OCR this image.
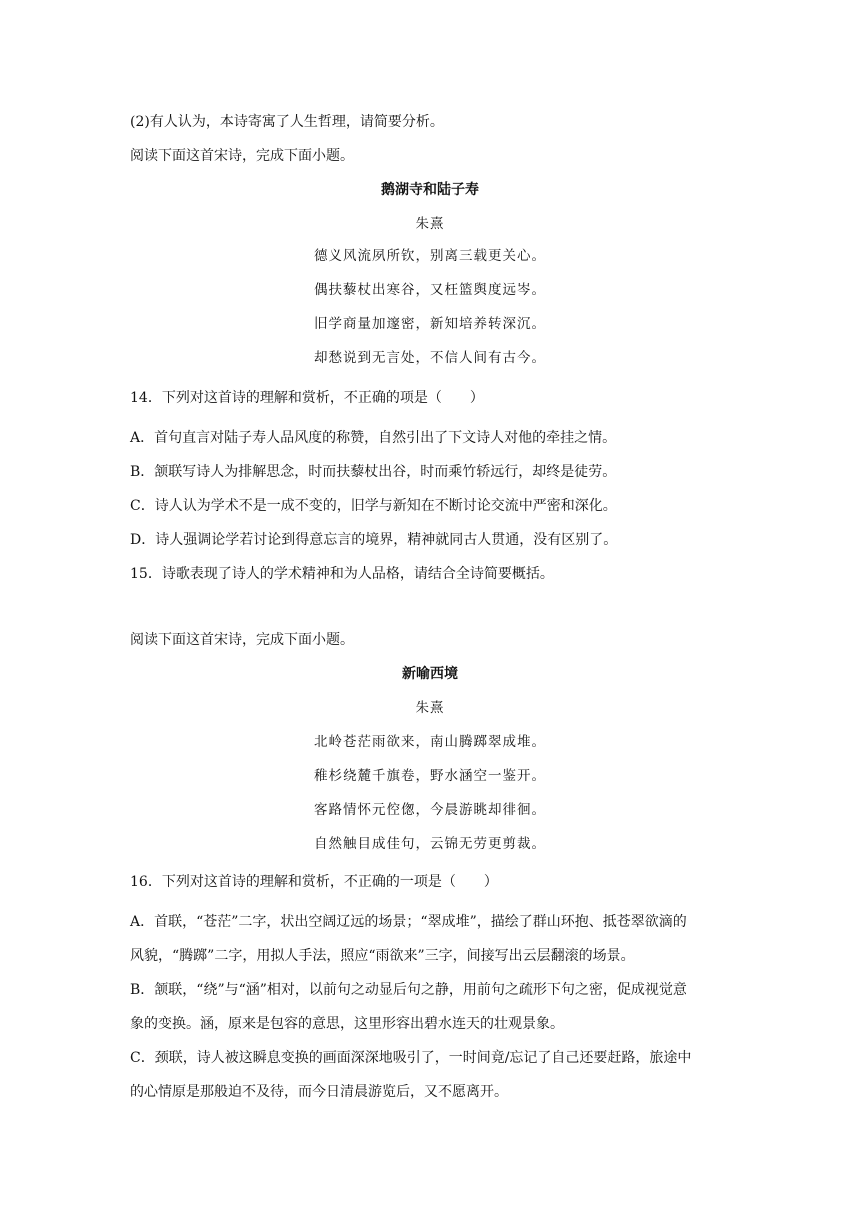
(2)有人认为，本诗寄寓了人生哲理，请简要分析。
阅读下面这首宋诗，完成下面小题。
鹅湖寺和陆子寿
朱熹
德义风流夙所钦，别离三载更关心。
偶扶藜杖出寒谷，又枉篮舆度远岑。
旧学商量加邃密，新知培养转深沉。
却愁说到无言处，不信人间有古今。
14．下列对这首诗的理解和赏析，不正确的项是（　　）
A．首句直言对陆子寿人品风度的称赞，自然引出了下文诗人对他的牵挂之情。
B．颔联写诗人为排解思念，时而扶藜杖出谷，时而乘竹轿远行，却终是徒劳。
C．诗人认为学术不是一成不变的，旧学与新知在不断讨论交流中严密和深化。
D．诗人强调论学若讨论到得意忘言的境界，精神就同古人贯通，没有区别了。
15．诗歌表现了诗人的学术精神和为人品格，请结合全诗简要概括。
阅读下面这首宋诗，完成下面小题。
新喻西境
朱熹
北岭苍茫雨欲来，南山腾踯翠成堆。
稚杉绕麓千旗卷，野水涵空一鉴开。
客路情怀元倥偬，今晨游眺却徘徊。
自然触目成佳句，云锦无劳更剪裁。
16．下列对这首诗的理解和赏析，不正确的一项是（　　）
A．首联，“苍茫”二字，状出空阔辽远的场景；“翠成堆”，描绘了群山环抱、抵苍翠欲滴的
风貌，“腾踯”二字，用拟人手法，照应“雨欲来”三字，间接写出云层翻滚的场景。
B．颔联，“绕”与“涵”相对，以前句之动显后句之静，用前句之疏形下句之密，促成视觉意
象的变换。涵，原来是包容的意思，这里形容出碧水连天的壮观景象。
C．颈联，诗人被这瞬息变换的画面深深地吸引了，一时间竟/忘记了自己还要赶路，旅途中
的心情原是那般迫不及待，而今日清晨游览后，又不愿离开。
